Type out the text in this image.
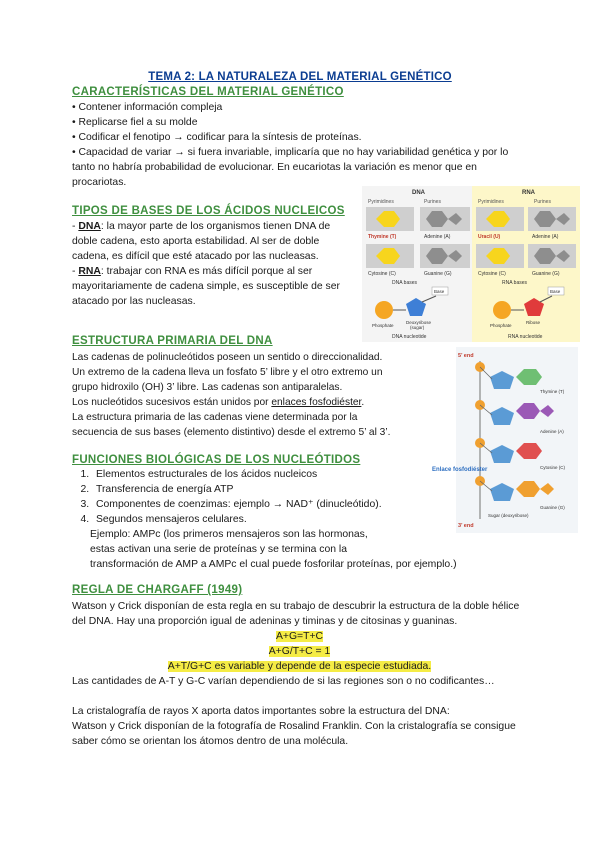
TEMA 2: LA NATURALEZA DEL MATERIAL GENÉTICO
CARACTERÍSTICAS DEL MATERIAL GENÉTICO

• Contener información compleja

• Replicarse fiel a su molde

• Codificar el fenotipo → codificar para la síntesis de proteínas.

• Capacidad de variar → si fuera invariable, implicaría que no hay variabilidad genética y por lo tanto no habría probabilidad de evolucionar. En eucariotas la variación es menor que en procariotas.

TIPOS DE BASES DE LOS ÁCIDOS NUCLEICOS

- DNA: la mayor parte de los organismos tienen DNA de doble cadena, esto aporta estabilidad. Al ser de doble cadena, es difícil que esté atacado por las nucleasas.

- RNA: trabajar con RNA es más difícil porque al ser mayoritariamente de cadena simple, es susceptible de ser atacado por las nucleasas.

DNA	RNA
Pyrimidines	Purines	Pyrimidines	Purines
Thymine (T)	Adenine (A)	Uracil (U)	Adenine (A)
Cytosine (C)	Guanine (G)	Cytosine (C)	Guanine (G)
DNA bases	RNA bases
Base	Base
Phosphate
Deoxyribose
(sugar)	Phosphate
Ribose
DNA nucleotide	RNA nucleotide
ESTRUCTURA PRIMARIA DEL DNA

Las cadenas de polinucleótidos poseen un sentido o direccionalidad.

Un extremo de la cadena lleva un fosfato 5’ libre y el otro extremo un

grupo hidroxilo (OH) 3’ libre. Las cadenas son antiparalelas.

Los nucleótidos sucesivos están unidos por enlaces fosfodiéster.

La estructura primaria de las cadenas viene determinada por la

secuencia de sus bases (elemento distintivo) desde el extremo 5’ al 3’.

5’ end
3’ end
Thymine (T)
Adenine (A)
Cytosine (C)
Guanine (G)
Sugar (deoxyribose)
Enlace fosfodiéster
FUNCIONES BIOLÓGICAS DE LOS NUCLEÓTIDOS
1. Elementos estructurales de los ácidos nucleicos
2. Transferencia de energía ATP
3. Componentes de coenzimas: ejemplo → NAD⁺ (dinucleótido).
4. Segundos mensajeros celulares.

Ejemplo: AMPc (los primeros mensajeros son las hormonas,

estas activan una serie de proteínas y se termina con la

transformación de AMP a AMPc el cual puede fosforilar proteínas, por ejemplo.)

REGLA DE CHARGAFF (1949)

Watson y Crick disponían de esta regla en su trabajo de descubrir la estructura de la doble hélice del DNA. Hay una proporción igual de adeninas y timinas y de citosinas y guaninas.

A+G=T+C

A+G/T+C = 1

A+T/G+C es variable y depende de la especie estudiada.

Las cantidades de A-T y G-C varían dependiendo de si las regiones son o no codificantes…

La cristalografía de rayos X aporta datos importantes sobre la estructura del DNA:

Watson y Crick disponían de la fotografía de Rosalind Franklin. Con la cristalografía se consigue saber cómo se orientan los átomos dentro de una molécula.
